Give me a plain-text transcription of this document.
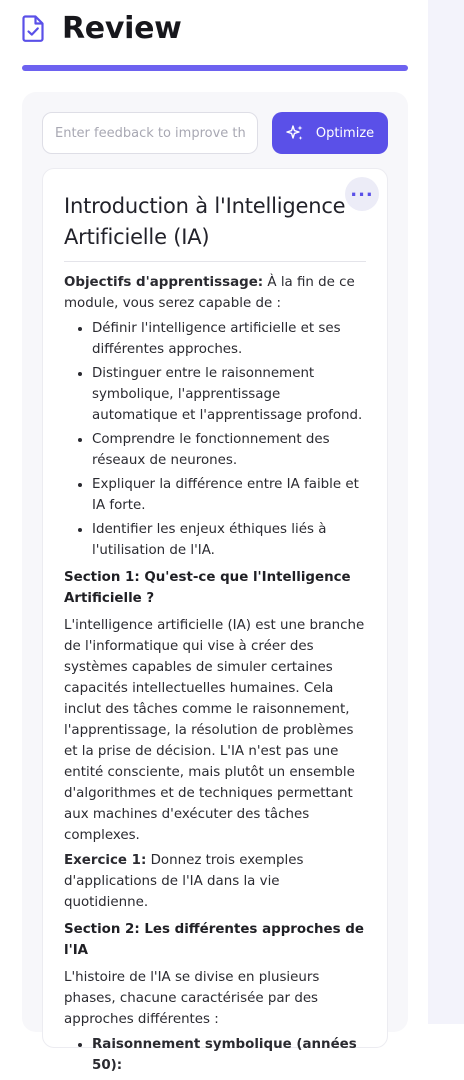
Review
Enter feedback to improve th
Optimize
...
Introduction à l'Intelligence Artificielle (IA)

Objectifs d'apprentissage: À la fin de ce module, vous serez capable de :

• Définir l'intelligence artificielle et ses différentes approches.
• Distinguer entre le raisonnement symbolique, l'apprentissage automatique et l'apprentissage profond.
• Comprendre le fonctionnement des réseaux de neurones.
• Expliquer la différence entre IA faible et IA forte.
• Identifier les enjeux éthiques liés à l'utilisation de l'IA.
Section 1: Qu'est-ce que l'Intelligence Artificielle ?

L'intelligence artificielle (IA) est une branche de l'informatique qui vise à créer des systèmes capables de simuler certaines capacités intellectuelles humaines. Cela inclut des tâches comme le raisonnement, l'apprentissage, la résolution de problèmes et la prise de décision. L'IA n'est pas une entité consciente, mais plutôt un ensemble d'algorithmes et de techniques permettant aux machines d'exécuter des tâches complexes.

Exercice 1: Donnez trois exemples d'applications de l'IA dans la vie quotidienne.

Section 2: Les différentes approches de l'IA

L'histoire de l'IA se divise en plusieurs phases, chacune caractérisée par des approches différentes :

• Raisonnement symbolique (années 50):
